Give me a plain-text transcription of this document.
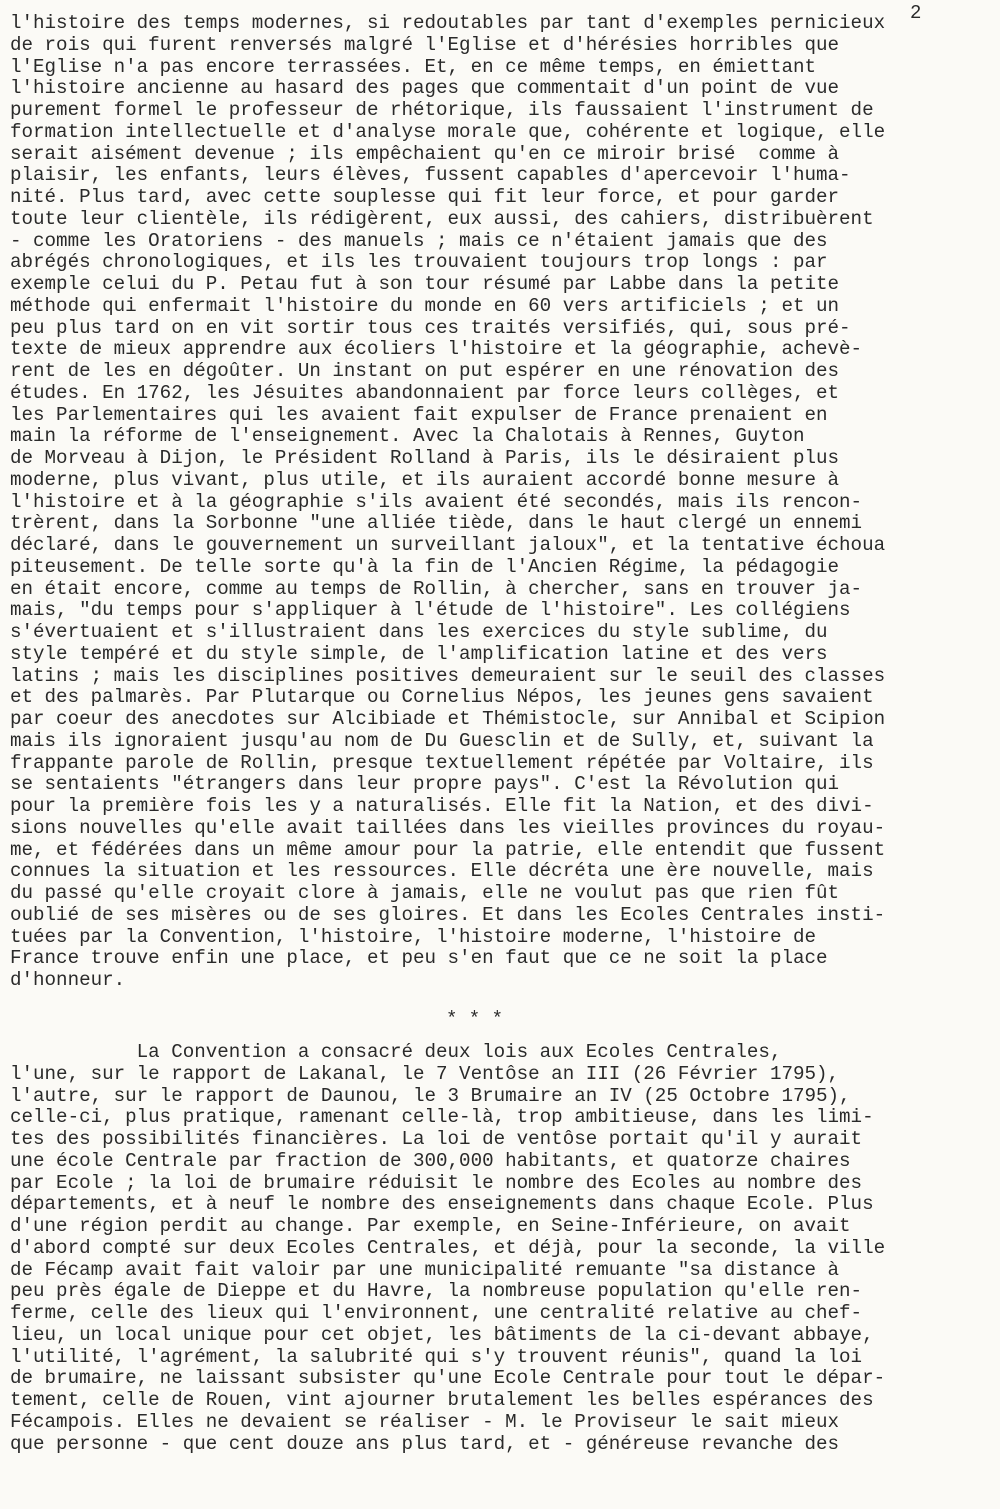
2
l'histoire des temps modernes, si redoutables par tant d'exemples pernicieux
de rois qui furent renversés malgré l'Eglise et d'hérésies horribles que
l'Eglise n'a pas encore terrassées. Et, en ce même temps, en émiettant
l'histoire ancienne au hasard des pages que commentait d'un point de vue
purement formel le professeur de rhétorique, ils faussaient l'instrument de
formation intellectuelle et d'analyse morale que, cohérente et logique, elle
serait aisément devenue ; ils empêchaient qu'en ce miroir brisé  comme à
plaisir, les enfants, leurs élèves, fussent capables d'apercevoir l'huma-
nité. Plus tard, avec cette souplesse qui fit leur force, et pour garder
toute leur clientèle, ils rédigèrent, eux aussi, des cahiers, distribuèrent
- comme les Oratoriens - des manuels ; mais ce n'étaient jamais que des
abrégés chronologiques, et ils les trouvaient toujours trop longs : par
exemple celui du P. Petau fut à son tour résumé par Labbe dans la petite
méthode qui enfermait l'histoire du monde en 60 vers artificiels ; et un
peu plus tard on en vit sortir tous ces traités versifiés, qui, sous pré-
texte de mieux apprendre aux écoliers l'histoire et la géographie, achevè-
rent de les en dégoûter. Un instant on put espérer en une rénovation des
études. En 1762, les Jésuites abandonnaient par force leurs collèges, et
les Parlementaires qui les avaient fait expulser de France prenaient en
main la réforme de l'enseignement. Avec la Chalotais à Rennes, Guyton
de Morveau à Dijon, le Président Rolland à Paris, ils le désiraient plus
moderne, plus vivant, plus utile, et ils auraient accordé bonne mesure à
l'histoire et à la géographie s'ils avaient été secondés, mais ils rencon-
trèrent, dans la Sorbonne "une alliée tiède, dans le haut clergé un ennemi
déclaré, dans le gouvernement un surveillant jaloux", et la tentative échoua
piteusement. De telle sorte qu'à la fin de l'Ancien Régime, la pédagogie
en était encore, comme au temps de Rollin, à chercher, sans en trouver ja-
mais, "du temps pour s'appliquer à l'étude de l'histoire". Les collégiens
s'évertuaient et s'illustraient dans les exercices du style sublime, du
style tempéré et du style simple, de l'amplification latine et des vers
latins ; mais les disciplines positives demeuraient sur le seuil des classes
et des palmarès. Par Plutarque ou Cornelius Népos, les jeunes gens savaient
par coeur des anecdotes sur Alcibiade et Thémistocle, sur Annibal et Scipion
mais ils ignoraient jusqu'au nom de Du Guesclin et de Sully, et, suivant la
frappante parole de Rollin, presque textuellement répétée par Voltaire, ils
se sentaients "étrangers dans leur propre pays". C'est la Révolution qui
pour la première fois les y a naturalisés. Elle fit la Nation, et des divi-
sions nouvelles qu'elle avait taillées dans les vieilles provinces du royau-
me, et fédérées dans un même amour pour la patrie, elle entendit que fussent
connues la situation et les ressources. Elle décréta une ère nouvelle, mais
du passé qu'elle croyait clore à jamais, elle ne voulut pas que rien fût
oublié de ses misères ou de ses gloires. Et dans les Ecoles Centrales insti-
tuées par la Convention, l'histoire, l'histoire moderne, l'histoire de
France trouve enfin une place, et peu s'en faut que ce ne soit la place
d'honneur.
* * *
La Convention a consacré deux lois aux Ecoles Centrales,
l'une, sur le rapport de Lakanal, le 7 Ventôse an III (26 Février 1795),
l'autre, sur le rapport de Daunou, le 3 Brumaire an IV (25 Octobre 1795),
celle-ci, plus pratique, ramenant celle-là, trop ambitieuse, dans les limi-
tes des possibilités financières. La loi de ventôse portait qu'il y aurait
une école Centrale par fraction de 300,000 habitants, et quatorze chaires
par Ecole ; la loi de brumaire réduisit le nombre des Ecoles au nombre des
départements, et à neuf le nombre des enseignements dans chaque Ecole. Plus
d'une région perdit au change. Par exemple, en Seine-Inférieure, on avait
d'abord compté sur deux Ecoles Centrales, et déjà, pour la seconde, la ville
de Fécamp avait fait valoir par une municipalité remuante "sa distance à
peu près égale de Dieppe et du Havre, la nombreuse population qu'elle ren-
ferme, celle des lieux qui l'environnent, une centralité relative au chef-
lieu, un local unique pour cet objet, les bâtiments de la ci-devant abbaye,
l'utilité, l'agrément, la salubrité qui s'y trouvent réunis", quand la loi
de brumaire, ne laissant subsister qu'une Ecole Centrale pour tout le dépar-
tement, celle de Rouen, vint ajourner brutalement les belles espérances des
Fécampois. Elles ne devaient se réaliser - M. le Proviseur le sait mieux
que personne - que cent douze ans plus tard, et - généreuse revanche des
